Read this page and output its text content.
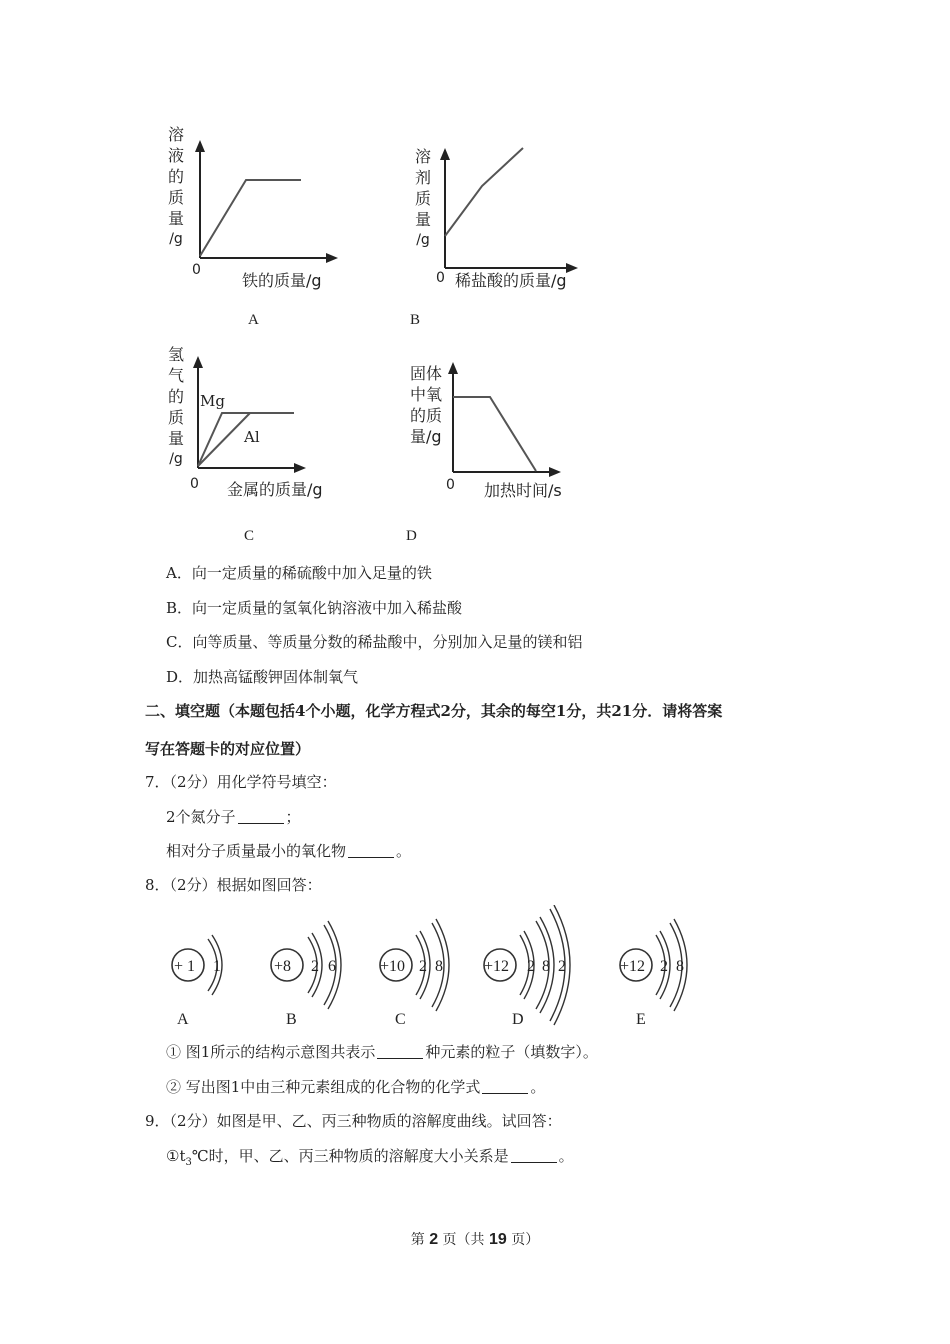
溶
液
的
质
量
/g
0
铁的质量/g
A
溶
剂
质
量
/g
0 稀盐酸的质量/g
B
氢
气
的
质
量
/g
Mg
Al
0 金属的质量/g
C
固体
中氧
的质
量/g
0 加热时间/s
D
A．向一定质量的稀硫酸中加入足量的铁
B．向一定质量的氢氧化钠溶液中加入稀盐酸
C．向等质量、等质量分数的稀盐酸中，分别加入足量的镁和铝
D．加热高锰酸钾固体制氧气
二、填空题（本题包括4个小题，化学方程式2分，其余的每空1分，共21分．请将答案
写在答题卡的对应位置）
7．（2分）用化学符号填空：
2个氮分子	；
相对分子质量最小的氧化物	。
8．（2分）根据如图回答：
+ 1 1	+8 2 6	+10 2 8	+12 2 8 2	+12 2 8
A	B	C	D	E
① 图1所示的结构示意图共表示	种元素的粒子（填数字）。
② 写出图1中由三种元素组成的化合物的化学式	。
9．（2分）如图是甲、乙、丙三种物质的溶解度曲线。试回答：
$①t_3℃$时，甲、乙、丙三种物质的溶解度大小关系是	。
第 2 页（共 19 页）
